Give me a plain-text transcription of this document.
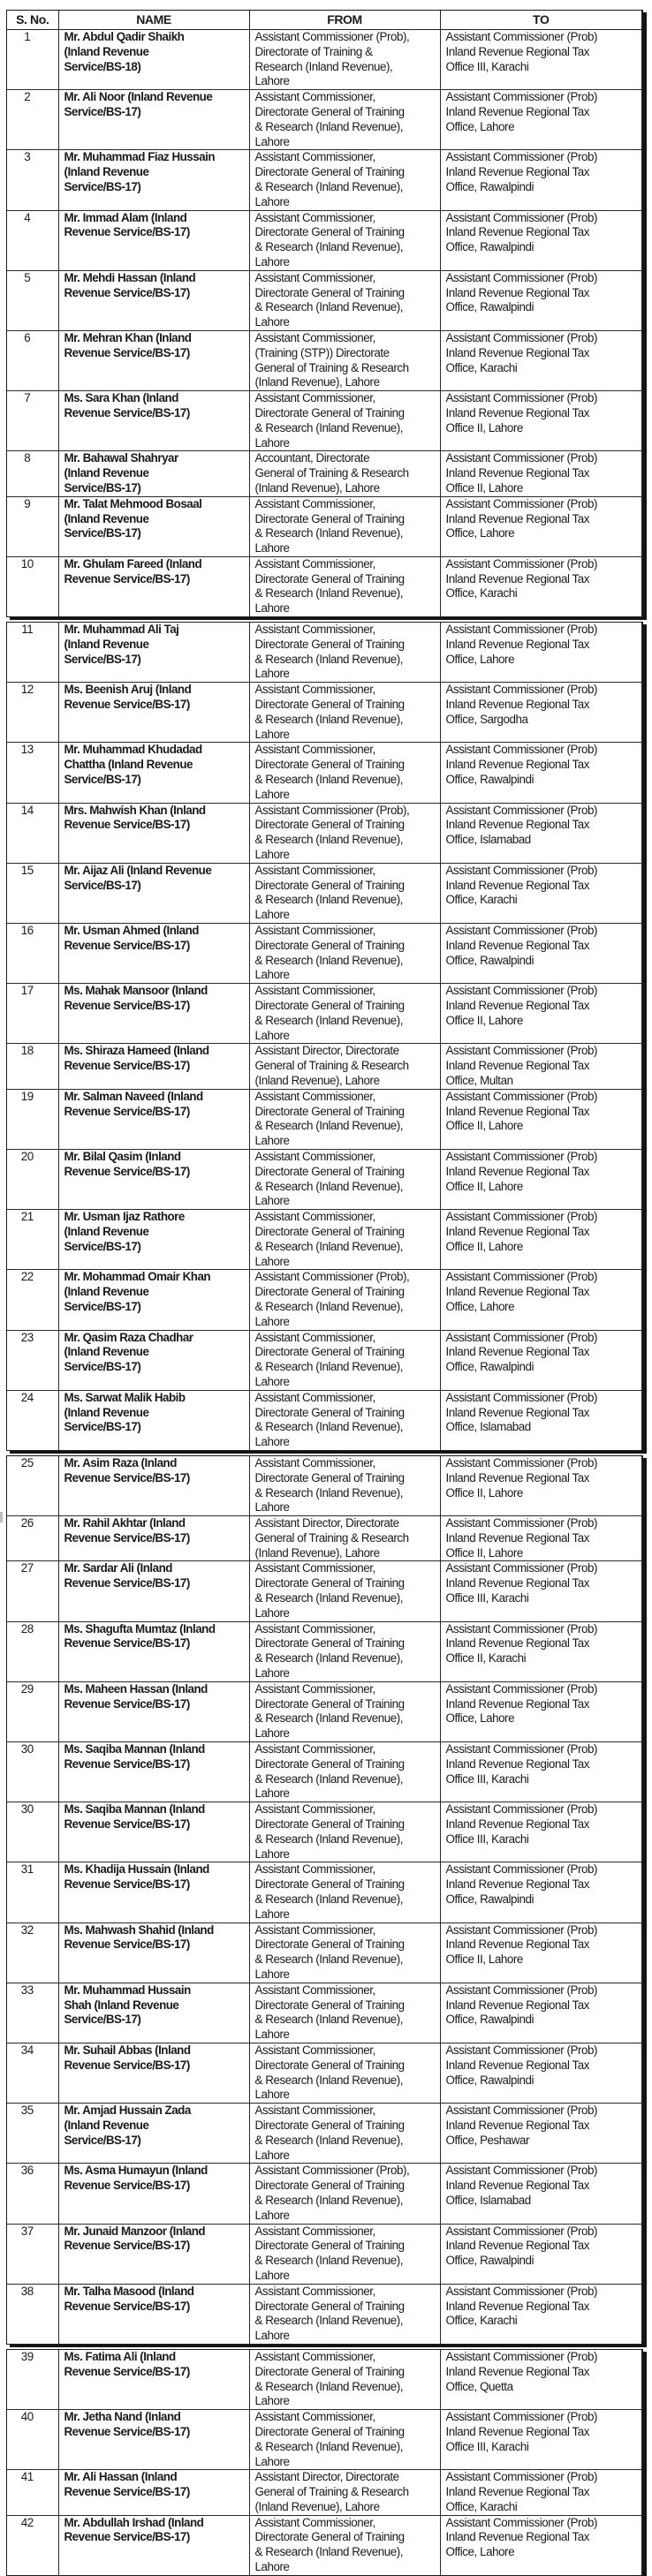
S. No.	NAME	FROM	TO
1	Mr. Abdul Qadir Shaikh
(Inland Revenue
Service/BS-18)	Assistant Commissioner (Prob),
Directorate of Training &
Research (Inland Revenue),
Lahore	Assistant Commissioner (Prob)
Inland Revenue Regional Tax
Office III, Karachi

2	Mr. Ali Noor (Inland Revenue
Service/BS-17)	Assistant Commissioner,
Directorate General of Training
& Research (Inland Revenue),
Lahore	Assistant Commissioner (Prob)
Inland Revenue Regional Tax
Office, Lahore

3	Mr. Muhammad Fiaz Hussain
(Inland Revenue
Service/BS-17)	Assistant Commissioner,
Directorate General of Training
& Research (Inland Revenue),
Lahore	Assistant Commissioner (Prob)
Inland Revenue Regional Tax
Office, Rawalpindi

4	Mr. Immad Alam (Inland
Revenue Service/BS-17)	Assistant Commissioner,
Directorate General of Training
& Research (Inland Revenue),
Lahore	Assistant Commissioner (Prob)
Inland Revenue Regional Tax
Office, Rawalpindi

5	Mr. Mehdi Hassan (Inland
Revenue Service/BS-17)	Assistant Commissioner,
Directorate General of Training
& Research (Inland Revenue),
Lahore	Assistant Commissioner (Prob)
Inland Revenue Regional Tax
Office, Rawalpindi

6	Mr. Mehran Khan (Inland
Revenue Service/BS-17)	Assistant Commissioner,
(Training (STP)) Directorate
General of Training & Research
(Inland Revenue), Lahore	Assistant Commissioner (Prob)
Inland Revenue Regional Tax
Office, Karachi

7	Ms. Sara Khan (Inland
Revenue Service/BS-17)	Assistant Commissioner,
Directorate General of Training
& Research (Inland Revenue),
Lahore	Assistant Commissioner (Prob)
Inland Revenue Regional Tax
Office II, Lahore

8	Mr. Bahawal Shahryar
(Inland Revenue
Service/BS-17)	Accountant, Directorate
General of Training & Research
(Inland Revenue), Lahore	Assistant Commissioner (Prob)
Inland Revenue Regional Tax
Office II, Lahore

9	Mr. Talat Mehmood Bosaal
(Inland Revenue
Service/BS-17)	Assistant Commissioner,
Directorate General of Training
& Research (Inland Revenue),
Lahore	Assistant Commissioner (Prob)
Inland Revenue Regional Tax
Office, Lahore

10	Mr. Ghulam Fareed (Inland
Revenue Service/BS-17)	Assistant Commissioner,
Directorate General of Training
& Research (Inland Revenue),
Lahore	Assistant Commissioner (Prob)
Inland Revenue Regional Tax
Office, Karachi
11	Mr. Muhammad Ali Taj
(Inland Revenue
Service/BS-17)	Assistant Commissioner,
Directorate General of Training
& Research (Inland Revenue),
Lahore	Assistant Commissioner (Prob)
Inland Revenue Regional Tax
Office, Lahore

12	Ms. Beenish Aruj (Inland
Revenue Service/BS-17)	Assistant Commissioner,
Directorate General of Training
& Research (Inland Revenue),
Lahore	Assistant Commissioner (Prob)
Inland Revenue Regional Tax
Office, Sargodha

13	Mr. Muhammad Khudadad
Chattha (Inland Revenue
Service/BS-17)	Assistant Commissioner,
Directorate General of Training
& Research (Inland Revenue),
Lahore	Assistant Commissioner (Prob)
Inland Revenue Regional Tax
Office, Rawalpindi

14	Mrs. Mahwish Khan (Inland
Revenue Service/BS-17)	Assistant Commissioner (Prob),
Directorate General of Training
& Research (Inland Revenue),
Lahore	Assistant Commissioner (Prob)
Inland Revenue Regional Tax
Office, Islamabad

15	Mr. Aijaz Ali (Inland Revenue
Service/BS-17)	Assistant Commissioner,
Directorate General of Training
& Research (Inland Revenue),
Lahore	Assistant Commissioner (Prob)
Inland Revenue Regional Tax
Office, Karachi

16	Mr. Usman Ahmed (Inland
Revenue Service/BS-17)	Assistant Commissioner,
Directorate General of Training
& Research (Inland Revenue),
Lahore	Assistant Commissioner (Prob)
Inland Revenue Regional Tax
Office, Rawalpindi

17	Ms. Mahak Mansoor (Inland
Revenue Service/BS-17)	Assistant Commissioner,
Directorate General of Training
& Research (Inland Revenue),
Lahore	Assistant Commissioner (Prob)
Inland Revenue Regional Tax
Office II, Lahore

18	Ms. Shiraza Hameed (Inland
Revenue Service/BS-17)	Assistant Director, Directorate
General of Training & Research
(Inland Revenue), Lahore	Assistant Commissioner (Prob)
Inland Revenue Regional Tax
Office, Multan

19	Mr. Salman Naveed (Inland
Revenue Service/BS-17)	Assistant Commissioner,
Directorate General of Training
& Research (Inland Revenue),
Lahore	Assistant Commissioner (Prob)
Inland Revenue Regional Tax
Office II, Lahore

20	Mr. Bilal Qasim (Inland
Revenue Service/BS-17)	Assistant Commissioner,
Directorate General of Training
& Research (Inland Revenue),
Lahore	Assistant Commissioner (Prob)
Inland Revenue Regional Tax
Office II, Lahore

21	Mr. Usman Ijaz Rathore
(Inland Revenue
Service/BS-17)	Assistant Commissioner,
Directorate General of Training
& Research (Inland Revenue),
Lahore	Assistant Commissioner (Prob)
Inland Revenue Regional Tax
Office II, Lahore

22	Mr. Mohammad Omair Khan
(Inland Revenue
Service/BS-17)	Assistant Commissioner (Prob),
Directorate General of Training
& Research (Inland Revenue),
Lahore	Assistant Commissioner (Prob)
Inland Revenue Regional Tax
Office, Lahore

23	Mr. Qasim Raza Chadhar
(Inland Revenue
Service/BS-17)	Assistant Commissioner,
Directorate General of Training
& Research (Inland Revenue),
Lahore	Assistant Commissioner (Prob)
Inland Revenue Regional Tax
Office, Rawalpindi

24	Ms. Sarwat Malik Habib
(Inland Revenue
Service/BS-17)	Assistant Commissioner,
Directorate General of Training
& Research (Inland Revenue),
Lahore	Assistant Commissioner (Prob)
Inland Revenue Regional Tax
Office, Islamabad
25	Mr. Asim Raza (Inland
Revenue Service/BS-17)	Assistant Commissioner,
Directorate General of Training
& Research (Inland Revenue),
Lahore	Assistant Commissioner (Prob)
Inland Revenue Regional Tax
Office II, Lahore

26	Mr. Rahil Akhtar (Inland
Revenue Service/BS-17)	Assistant Director, Directorate
General of Training & Research
(Inland Revenue), Lahore	Assistant Commissioner (Prob)
Inland Revenue Regional Tax
Office II, Lahore

27	Mr. Sardar Ali (Inland
Revenue Service/BS-17)	Assistant Commissioner,
Directorate General of Training
& Research (Inland Revenue),
Lahore	Assistant Commissioner (Prob)
Inland Revenue Regional Tax
Office III, Karachi

28	Ms. Shagufta Mumtaz (Inland
Revenue Service/BS-17)	Assistant Commissioner,
Directorate General of Training
& Research (Inland Revenue),
Lahore	Assistant Commissioner (Prob)
Inland Revenue Regional Tax
Office II, Karachi

29	Ms. Maheen Hassan (Inland
Revenue Service/BS-17)	Assistant Commissioner,
Directorate General of Training
& Research (Inland Revenue),
Lahore	Assistant Commissioner (Prob)
Inland Revenue Regional Tax
Office, Lahore

30	Ms. Saqiba Mannan (Inland
Revenue Service/BS-17)	Assistant Commissioner,
Directorate General of Training
& Research (Inland Revenue),
Lahore	Assistant Commissioner (Prob)
Inland Revenue Regional Tax
Office III, Karachi

30	Ms. Saqiba Mannan (Inland
Revenue Service/BS-17)	Assistant Commissioner,
Directorate General of Training
& Research (Inland Revenue),
Lahore	Assistant Commissioner (Prob)
Inland Revenue Regional Tax
Office III, Karachi

31	Ms. Khadija Hussain (Inland
Revenue Service/BS-17)	Assistant Commissioner,
Directorate General of Training
& Research (Inland Revenue),
Lahore	Assistant Commissioner (Prob)
Inland Revenue Regional Tax
Office, Rawalpindi

32	Ms. Mahwash Shahid (Inland
Revenue Service/BS-17)	Assistant Commissioner,
Directorate General of Training
& Research (Inland Revenue),
Lahore	Assistant Commissioner (Prob)
Inland Revenue Regional Tax
Office II, Lahore

33	Mr. Muhammad Hussain
Shah (Inland Revenue
Service/BS-17)	Assistant Commissioner,
Directorate General of Training
& Research (Inland Revenue),
Lahore	Assistant Commissioner (Prob)
Inland Revenue Regional Tax
Office, Rawalpindi

34	Mr. Suhail Abbas (Inland
Revenue Service/BS-17)	Assistant Commissioner,
Directorate General of Training
& Research (Inland Revenue),
Lahore	Assistant Commissioner (Prob)
Inland Revenue Regional Tax
Office, Rawalpindi

35	Mr. Amjad Hussain Zada
(Inland Revenue
Service/BS-17)	Assistant Commissioner,
Directorate General of Training
& Research (Inland Revenue),
Lahore	Assistant Commissioner (Prob)
Inland Revenue Regional Tax
Office, Peshawar

36	Ms. Asma Humayun (Inland
Revenue Service/BS-17)	Assistant Commissioner (Prob),
Directorate General of Training
& Research (Inland Revenue),
Lahore	Assistant Commissioner (Prob)
Inland Revenue Regional Tax
Office, Islamabad

37	Mr. Junaid Manzoor (Inland
Revenue Service/BS-17)	Assistant Commissioner,
Directorate General of Training
& Research (Inland Revenue),
Lahore	Assistant Commissioner (Prob)
Inland Revenue Regional Tax
Office, Rawalpindi

38	Mr. Talha Masood (Inland
Revenue Service/BS-17)	Assistant Commissioner,
Directorate General of Training
& Research (Inland Revenue),
Lahore	Assistant Commissioner (Prob)
Inland Revenue Regional Tax
Office, Karachi
39	Ms. Fatima Ali (Inland
Revenue Service/BS-17)	Assistant Commissioner,
Directorate General of Training
& Research (Inland Revenue),
Lahore	Assistant Commissioner (Prob)
Inland Revenue Regional Tax
Office, Quetta

40	Mr. Jetha Nand (Inland
Revenue Service/BS-17)	Assistant Commissioner,
Directorate General of Training
& Research (Inland Revenue),
Lahore	Assistant Commissioner (Prob)
Inland Revenue Regional Tax
Office III, Karachi

41	Mr. Ali Hassan (Inland
Revenue Service/BS-17)	Assistant Director, Directorate
General of Training & Research
(Inland Revenue), Lahore	Assistant Commissioner (Prob)
Inland Revenue Regional Tax
Office, Karachi

42	Mr. Abdullah Irshad (Inland
Revenue Service/BS-17)	Assistant Commissioner,
Directorate General of Training
& Research (Inland Revenue),
Lahore	Assistant Commissioner (Prob)
Inland Revenue Regional Tax
Office, Lahore
